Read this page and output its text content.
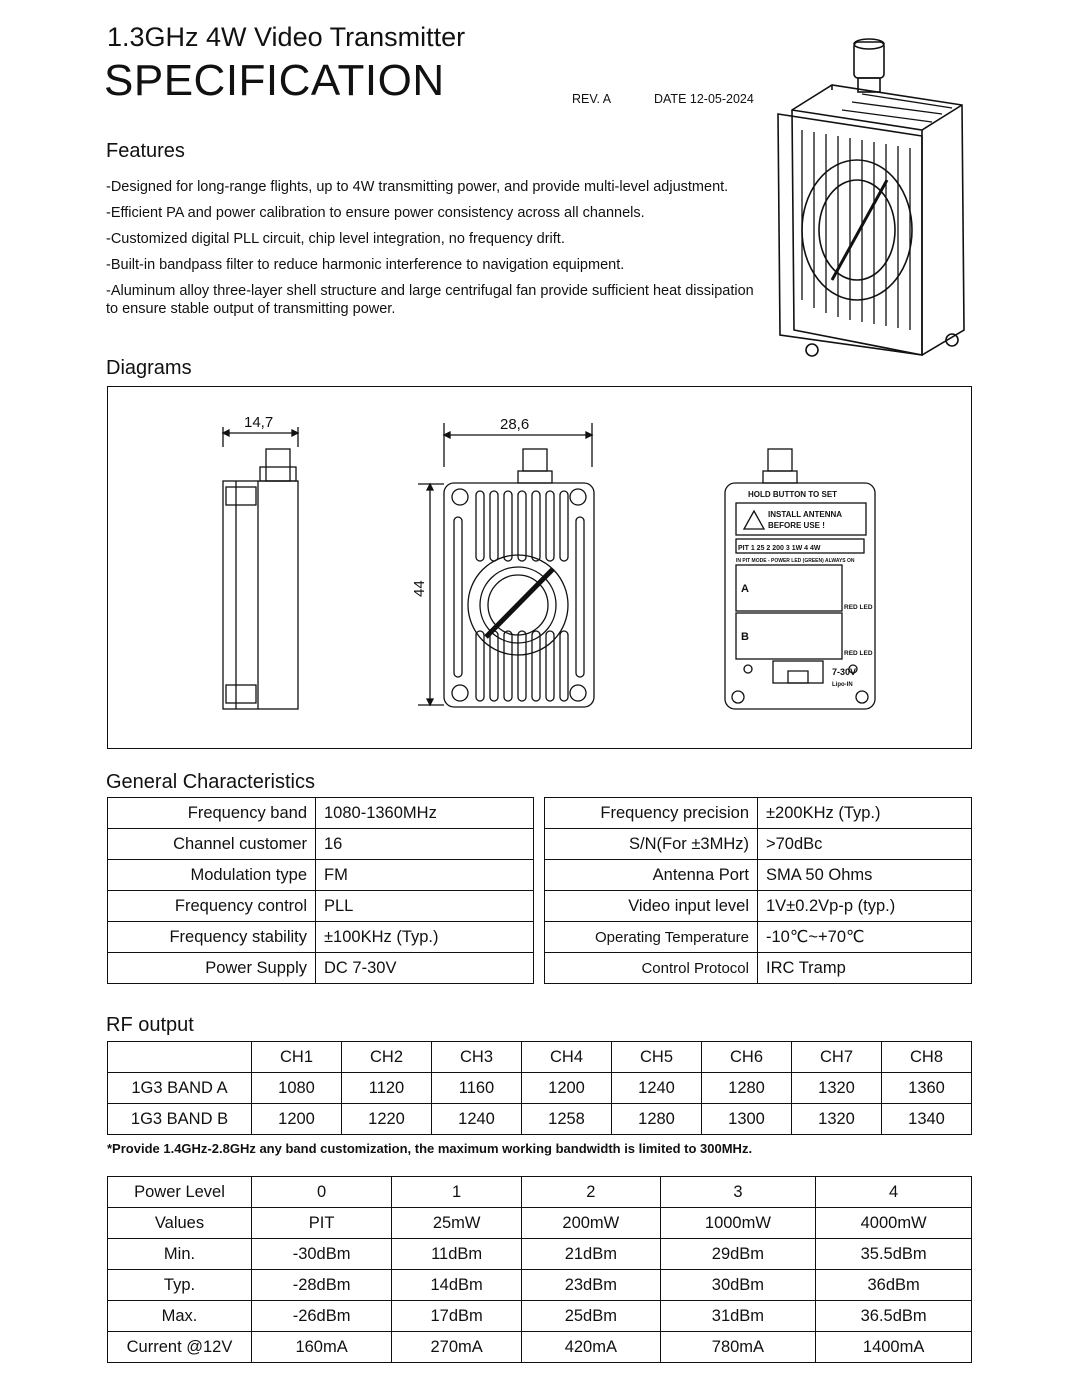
1.3GHz 4W Video Transmitter
SPECIFICATION	REV. A	DATE 12-05-2024
Features

-Designed for long-range flights, up to 4W transmitting power, and provide multi-level adjustment.

-Efficient PA and power calibration to ensure power consistency across all channels.

-Customized digital PLL circuit, chip level integration, no frequency drift.

-Built-in bandpass filter to reduce harmonic interference to navigation equipment.

-Aluminum alloy three-layer shell structure and large centrifugal fan provide sufficient heat dissipation to ensure stable output of transmitting power.

Diagrams
14,7	28,6
44
HOLD BUTTON TO SET
INSTALL ANTENNA
BEFORE USE !
PIT 1 25 2 200 3 1W 4 4W
IN PIT MODE - POWER LED (GREEN) ALWAYS ON
A
B
RED LED
RED LED
7-30V
Lipo-IN
General Characteristics
Frequency band	1080-1360MHz
Channel customer	16
Modulation type	FM
Frequency control	PLL
Frequency stability	±100KHz (Typ.)
Power Supply	DC 7-30V
Frequency precision	±200KHz (Typ.)
S/N(For ±3MHz)	>70dBc
Antenna Port	SMA 50 Ohms
Video input level	1V±0.2Vp-p (typ.)
Operating Temperature	-10℃~+70℃
Control Protocol	IRC Tramp
RF output
	CH1	CH2	CH3	CH4	CH5	CH6	CH7	CH8
1G3 BAND A	1080	1120	1160	1200	1240	1280	1320	1360
1G3 BAND B	1200	1220	1240	1258	1280	1300	1320	1340
*Provide 1.4GHz-2.8GHz any band customization, the maximum working bandwidth is limited to 300MHz.
Power Level	0	1	2	3	4
Values	PIT	25mW	200mW	1000mW	4000mW
Min.	-30dBm	11dBm	21dBm	29dBm	35.5dBm
Typ.	-28dBm	14dBm	23dBm	30dBm	36dBm
Max.	-26dBm	17dBm	25dBm	31dBm	36.5dBm
Current @12V	160mA	270mA	420mA	780mA	1400mA
